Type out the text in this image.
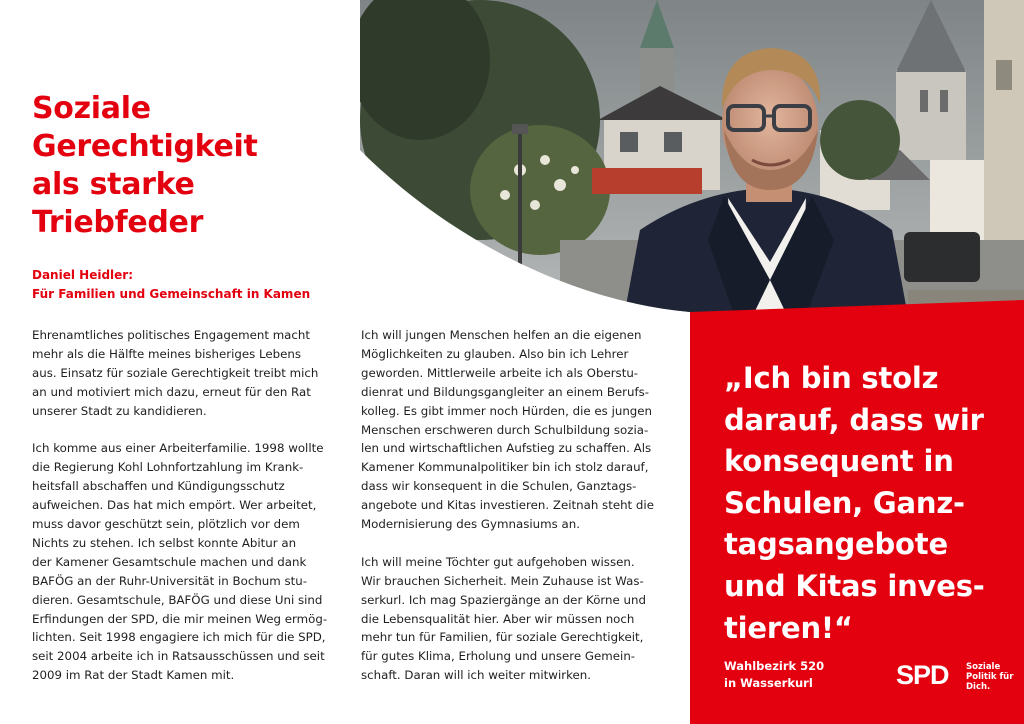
Soziale
Gerechtigkeit
als starke
Triebfeder
Daniel Heidler:
Für Familien und Gemeinschaft in Kamen

Ehrenamtliches politisches Engagement macht
mehr als die Hälfte meines bisheriges Lebens
aus. Einsatz für soziale Gerechtigkeit treibt mich
an und motiviert mich dazu, erneut für den Rat
unserer Stadt zu kandidieren.

Ich komme aus einer Arbeiterfamilie. 1998 wollte
die Regierung Kohl Lohnfortzahlung im Krank-
heitsfall abschaffen und Kündigungsschutz
aufweichen. Das hat mich empört. Wer arbeitet,
muss davor geschützt sein, plötzlich vor dem
Nichts zu stehen. Ich selbst konnte Abitur an
der Kamener Gesamtschule machen und dank
BAFÖG an der Ruhr-Universität in Bochum stu-
dieren. Gesamtschule, BAFÖG und diese Uni sind
Erfindungen der SPD, die mir meinen Weg ermög-
lichten. Seit 1998 engagiere ich mich für die SPD,
seit 2004 arbeite ich in Ratsausschüssen und seit
2009 im Rat der Stadt Kamen mit.

Ich will jungen Menschen helfen an die eigenen
Möglichkeiten zu glauben. Also bin ich Lehrer
geworden. Mittlerweile arbeite ich als Oberstu-
dienrat und Bildungsgangleiter an einem Berufs-
kolleg. Es gibt immer noch Hürden, die es jungen
Menschen erschweren durch Schulbildung sozia-
len und wirtschaftlichen Aufstieg zu schaffen. Als
Kamener Kommunalpolitiker bin ich stolz darauf,
dass wir konsequent in die Schulen, Ganztags-
angebote und Kitas investieren. Zeitnah steht die
Modernisierung des Gymnasiums an.

Ich will meine Töchter gut aufgehoben wissen.
Wir brauchen Sicherheit. Mein Zuhause ist Was-
serkurl. Ich mag Spaziergänge an der Körne und
die Lebensqualität hier. Aber wir müssen noch
mehr tun für Familien, für soziale Gerechtigkeit,
für gutes Klima, Erholung und unsere Gemein-
schaft. Daran will ich weiter mitwirken.

„Ich bin stolz
darauf, dass wir
konsequent in
Schulen, Ganz-
tagsangebote
und Kitas inves-
tieren!“
Wahlbezirk 520
in Wasserkurl	SPD Soziale
Politik für
Dich.
